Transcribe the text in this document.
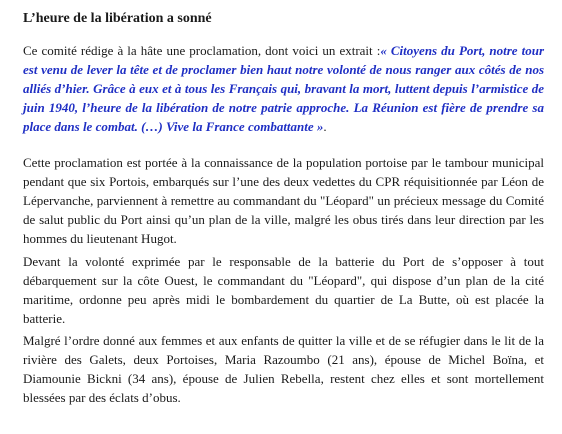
L’heure de la libération a sonné

Ce comité rédige à la hâte une proclamation, dont voici un extrait :« Citoyens du Port, notre tour est venu de lever la tête et de proclamer bien haut notre volonté de nous ranger aux côtés de nos alliés d’hier. Grâce à eux et à tous les Français qui, bravant la mort, luttent depuis l’armistice de juin 1940, l’heure de la libération de notre patrie approche. La Réunion est fière de prendre sa place dans le combat. (…) Vive la France combattante ».

Cette proclamation est portée à la connaissance de la population portoise par le tambour municipal pendant que six Portois, embarqués sur l’une des deux vedettes du CPR réquisitionnée par Léon de Lépervanche, parviennent à remettre au commandant du "Léopard" un précieux message du Comité de salut public du Port ainsi qu’un plan de la ville, malgré les obus tirés dans leur direction par les hommes du lieutenant Hugot.

Devant la volonté exprimée par le responsable de la batterie du Port de s’opposer à tout débarquement sur la côte Ouest, le commandant du "Léopard", qui dispose d’un plan de la cité maritime, ordonne peu après midi le bombardement du quartier de La Butte, où est placée la batterie.

Malgré l’ordre donné aux femmes et aux enfants de quitter la ville et de se réfugier dans le lit de la rivière des Galets, deux Portoises, Maria Razoumbo (21 ans), épouse de Michel Boïna, et Diamounie Bickni (34 ans), épouse de Julien Rebella, restent chez elles et sont mortellement blessées par des éclats d’obus.
